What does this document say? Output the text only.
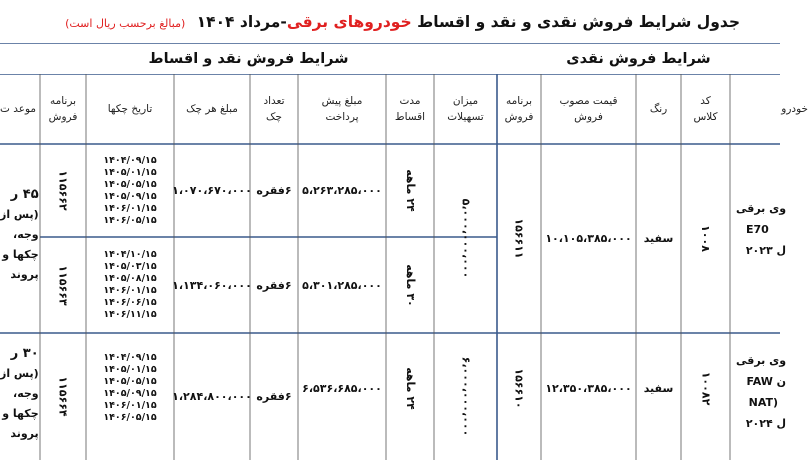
جدول شرایط فروش نقدی و نقد و اقساط خودروهای برقی-مرداد ۱۴۰۴ (مبالغ برحسب ریال است)
شرایط فروش نقدی
شرایط فروش نقد و اقساط
خودرو
کد
کلاس
رنگ
قیمت مصوب
فروش
برنامه
فروش
میزان
تسهیلات
مدت
اقساط
مبلغ پیش
پرداخت
تعداد
چک
مبلغ هر چک
تاریخ چکها
برنامه
فروش
موعد ت
وی برقی
E70
ل ۲۰۲۳
۱۰۰۸
سفید
۱۰،۱۰۵،۳۸۵،۰۰۰
۱۵۶۶۱۱
۵،۰۰۰،۰۰۰،۰۰۰
۲۴ ماهه
۵،۲۶۳،۲۸۵،۰۰۰
۶فقره
۱،۰۷۰،۶۷۰،۰۰۰
۱۴۰۴/۰۹/۱۵
۱۴۰۵/۰۱/۱۵
۱۴۰۵/۰۵/۱۵
۱۴۰۵/۰۹/۱۵
۱۴۰۶/۰۱/۱۵
۱۴۰۶/۰۵/۱۵
۱۱۵۶۶۲
۳۰ ماهه
۵،۳۰۱،۲۸۵،۰۰۰
۶فقره
۱،۱۳۴،۰۶۰،۰۰۰
۱۴۰۴/۱۰/۱۵
۱۴۰۵/۰۳/۱۵
۱۴۰۵/۰۸/۱۵
۱۴۰۶/۰۱/۱۵
۱۴۰۶/۰۶/۱۵
۱۴۰۶/۱۱/۱۵
۱۱۵۶۶۳
۴۵ ر
(پس از
وجه،
چکها و
پروند
وی برقی
ن FAW
(NAT
ل ۲۰۲۴
۱۰۰۸۲
سفید
۱۲،۳۵۰،۳۸۵،۰۰۰
۱۵۶۶۱۰
۶،۰۰۰،۰۰۰،۰۰۰
۲۴ ماهه
۶،۵۳۶،۶۸۵،۰۰۰
۶فقره
۱،۲۸۴،۸۰۰،۰۰۰
۱۴۰۴/۰۹/۱۵
۱۴۰۵/۰۱/۱۵
۱۴۰۵/۰۵/۱۵
۱۴۰۵/۰۹/۱۵
۱۴۰۶/۰۱/۱۵
۱۴۰۶/۰۵/۱۵
۱۱۵۶۶۴
۳۰ ر
(پس از
وجه،
چکها و
پروند
